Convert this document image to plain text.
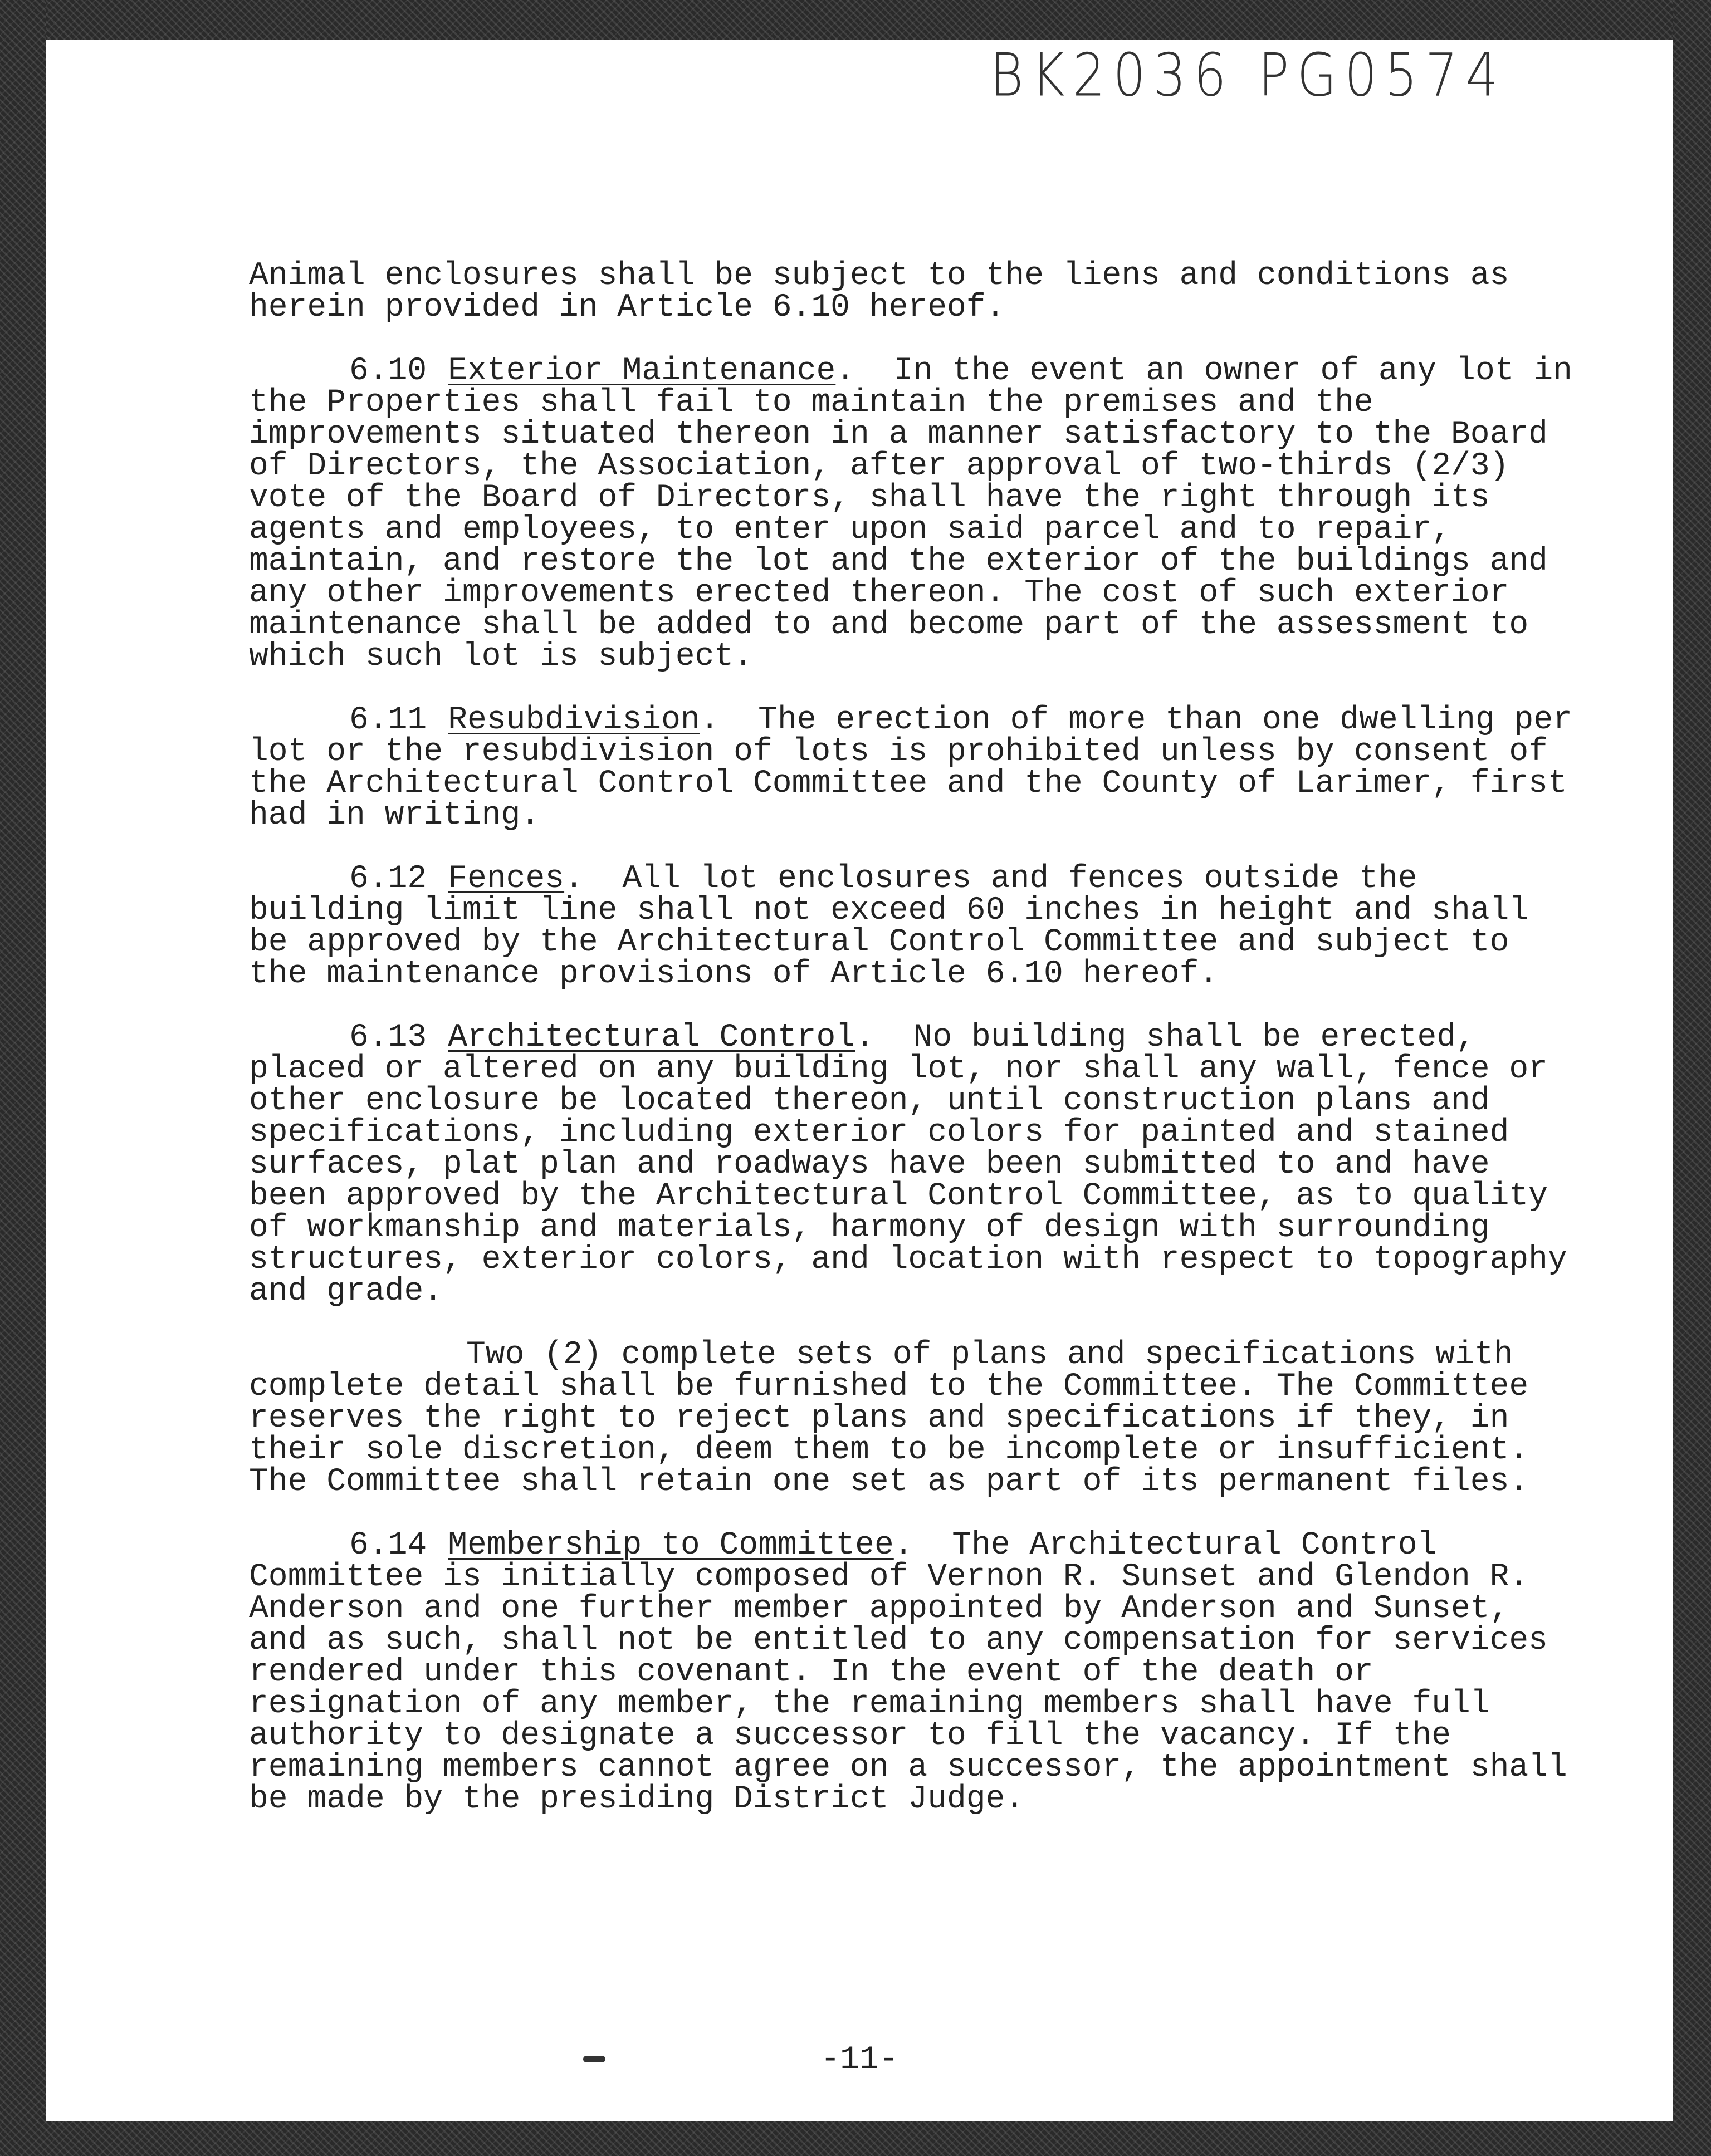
BK2036 PG0574

Animal enclosures shall be subject to the liens and conditions as herein provided in Article 6.10 hereof.

6.10 Exterior Maintenance.  In the event an owner of any lot in the Properties shall fail to maintain the premises and the improvements situated thereon in a manner satisfactory to the Board of Directors, the Association, after approval of two-thirds (2/3) vote of the Board of Directors, shall have the right through its agents and employees, to enter upon said parcel and to repair, maintain, and restore the lot and the exterior of the buildings and any other improvements erected thereon. The cost of such exterior maintenance shall be added to and become part of the assessment to which such lot is subject.

6.11 Resubdivision.  The erection of more than one dwelling per lot or the resubdivision of lots is prohibited unless by consent of the Architectural Control Committee and the County of Larimer, first had in writing.

6.12 Fences.  All lot enclosures and fences outside the building limit line shall not exceed 60 inches in height and shall be approved by the Architectural Control Committee and subject to the maintenance provisions of Article 6.10 hereof.

6.13 Architectural Control.  No building shall be erected, placed or altered on any building lot, nor shall any wall, fence or other enclosure be located thereon, until construction plans and specifications, including exterior colors for painted and stained surfaces, plat plan and roadways have been submitted to and have been approved by the Architectural Control Committee, as to quality of workmanship and materials, harmony of design with surrounding structures, exterior colors, and location with respect to topography and grade.

Two (2) complete sets of plans and specifications with complete detail shall be furnished to the Committee. The Committee reserves the right to reject plans and specifications if they, in their sole discretion, deem them to be incomplete or insufficient. The Committee shall retain one set as part of its permanent files.

6.14 Membership to Committee.  The Architectural Control Committee is initially composed of Vernon R. Sunset and Glendon R. Anderson and one further member appointed by Anderson and Sunset, and as such, shall not be entitled to any compensation for services rendered under this covenant. In the event of the death or resignation of any member, the remaining members shall have full authority to designate a successor to fill the vacancy. If the remaining members cannot agree on a successor, the appointment shall be made by the presiding District Judge.

-11-
